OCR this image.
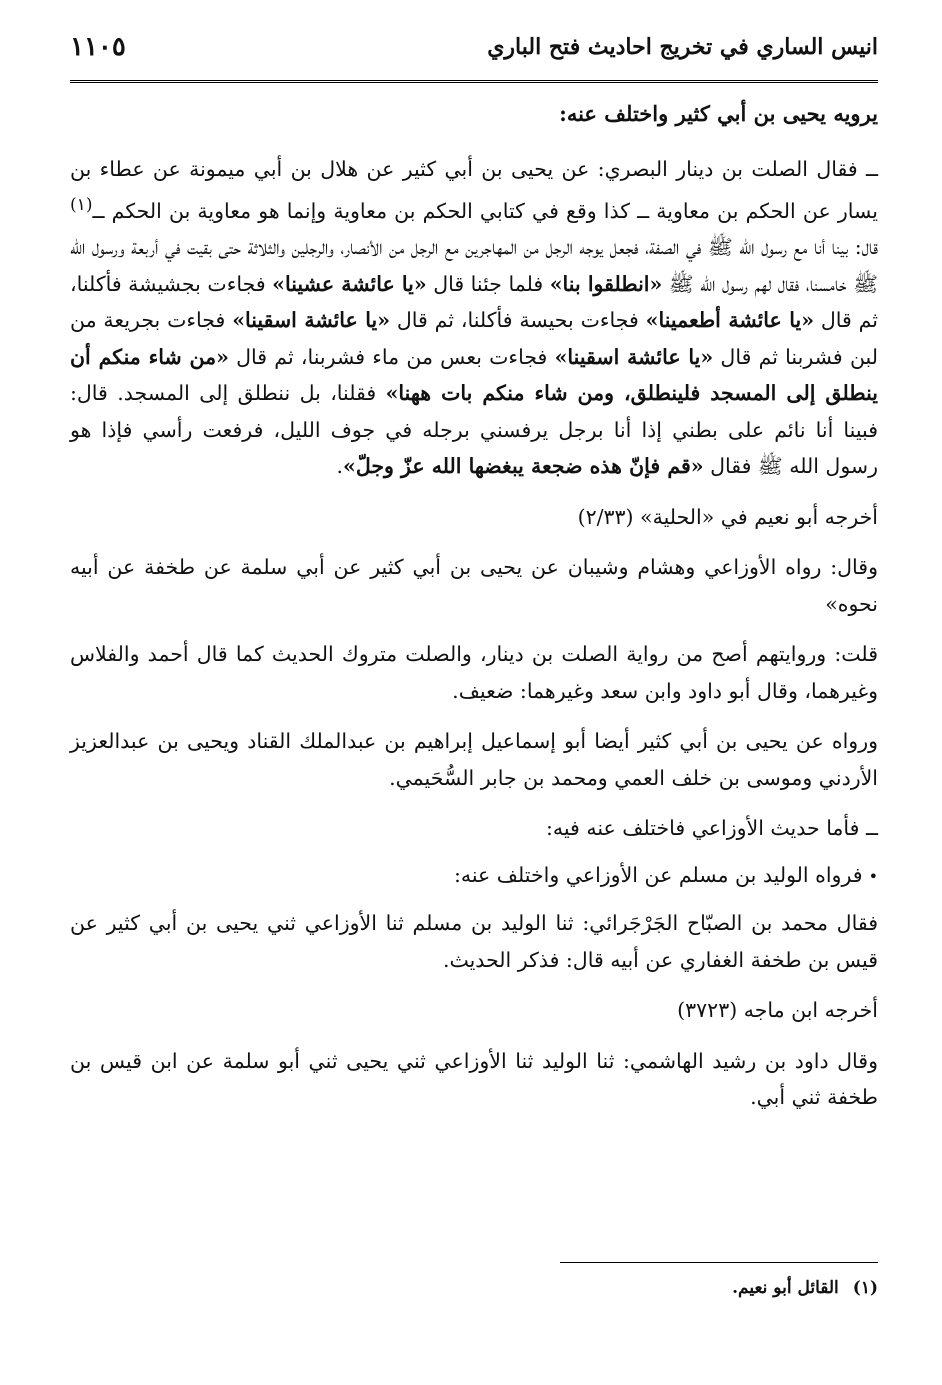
انيس الساري في تخريج احاديث فتح الباري
١١٠٥
يرويه يحيى بن أبي كثير واختلف عنه:
ــ فقال الصلت بن دينار البصري: عن يحيى بن أبي كثير عن هلال بن أبي ميمونة عن عطاء بن يسار عن الحكم بن معاوية ــ كذا وقع في كتابي الحكم بن معاوية وإنما هو معاوية بن الحكم ــ$^{(١)}$ قال: بينا أنا مع رسول الله ﷺ في الصفة، فجعل يوجه الرجل من المهاجرين مع الرجل من الأنصار، والرجلين والثلاثة حتى بقيت في أربعة ورسول الله ﷺ خامسنا، فقال لهم رسول الله ﷺ «انطلقوا بنا» فلما جئنا قال «يا عائشة عشينا» فجاءت بجشيشة فأكلنا، ثم قال «يا عائشة أطعمينا» فجاءت بحيسة فأكلنا، ثم قال «يا عائشة اسقينا» فجاءت بجريعة من لبن فشربنا ثم قال «يا عائشة اسقينا» فجاءت بعس من ماء فشربنا، ثم قال «من شاء منكم أن ينطلق إلى المسجد فلينطلق، ومن شاء منكم بات ههنا» فقلنا، بل ننطلق إلى المسجد. قال: فبينا أنا نائم على بطني إذا أنا برجل يرفسني برجله في جوف الليل، فرفعت رأسي فإذا هو رسول الله ﷺ فقال «قم فإنّ هذه ضجعة يبغضها الله عزّ وجلّ».
أخرجه أبو نعيم في «الحلية» (٢/٣٣)
وقال: رواه الأوزاعي وهشام وشيبان عن يحيى بن أبي كثير عن أبي سلمة عن طخفة عن أبيه نحوه»
قلت: وروايتهم أصح من رواية الصلت بن دينار، والصلت متروك الحديث كما قال أحمد والفلاس وغيرهما، وقال أبو داود وابن سعد وغيرهما: ضعيف.
ورواه عن يحيى بن أبي كثير أيضا أبو إسماعيل إبراهيم بن عبدالملك القناد ويحيى بن عبدالعزيز الأردني وموسى بن خلف العمي ومحمد بن جابر السُّحَيمي.
ــ فأما حديث الأوزاعي فاختلف عنه فيه:
•فرواه الوليد بن مسلم عن الأوزاعي واختلف عنه:
فقال محمد بن الصبّاح الجَرْجَرائي: ثنا الوليد بن مسلم ثنا الأوزاعي ثني يحيى بن أبي كثير عن قيس بن طخفة الغفاري عن أبيه قال: فذكر الحديث.
أخرجه ابن ماجه (٣٧٢٣)
وقال داود بن رشيد الهاشمي: ثنا الوليد ثنا الأوزاعي ثني يحيى ثني أبو سلمة عن ابن قيس بن طخفة ثني أبي.
(١)القائل أبو نعيم.
